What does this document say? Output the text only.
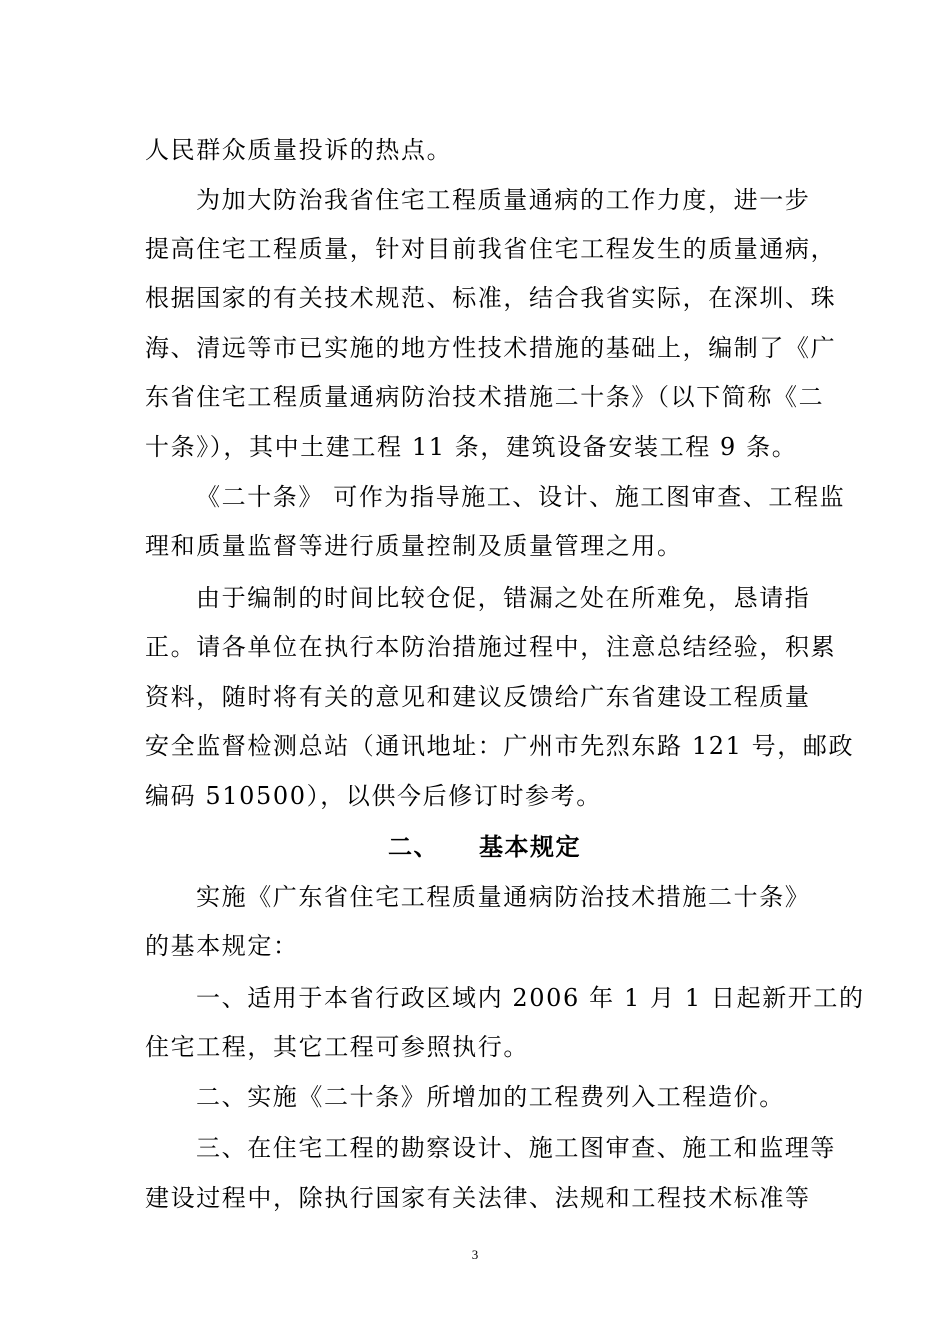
人民群众质量投诉的热点。
为加大防治我省住宅工程质量通病的工作力度，进一步
提高住宅工程质量，针对目前我省住宅工程发生的质量通病，
根据国家的有关技术规范、标准，结合我省实际，在深圳、珠
海、清远等市已实施的地方性技术措施的基础上，编制了《广
东省住宅工程质量通病防治技术措施二十条》（以下简称《二
十条》），其中土建工程 11 条，建筑设备安装工程 9 条。
《二十条》 可作为指导施工、设计、施工图审查、工程监
理和质量监督等进行质量控制及质量管理之用。
由于编制的时间比较仓促，错漏之处在所难免，恳请指
正。请各单位在执行本防治措施过程中，注意总结经验，积累
资料，随时将有关的意见和建议反馈给广东省建设工程质量
安全监督检测总站（通讯地址：广州市先烈东路 121 号，邮政
编码 510500），以供今后修订时参考。
二、 基本规定
实施《广东省住宅工程质量通病防治技术措施二十条》
的基本规定：
一、适用于本省行政区域内 2006 年 1 月 1 日起新开工的
住宅工程，其它工程可参照执行。
二、实施《二十条》所增加的工程费列入工程造价。
三、在住宅工程的勘察设计、施工图审查、施工和监理等
建设过程中，除执行国家有关法律、法规和工程技术标准等
3
